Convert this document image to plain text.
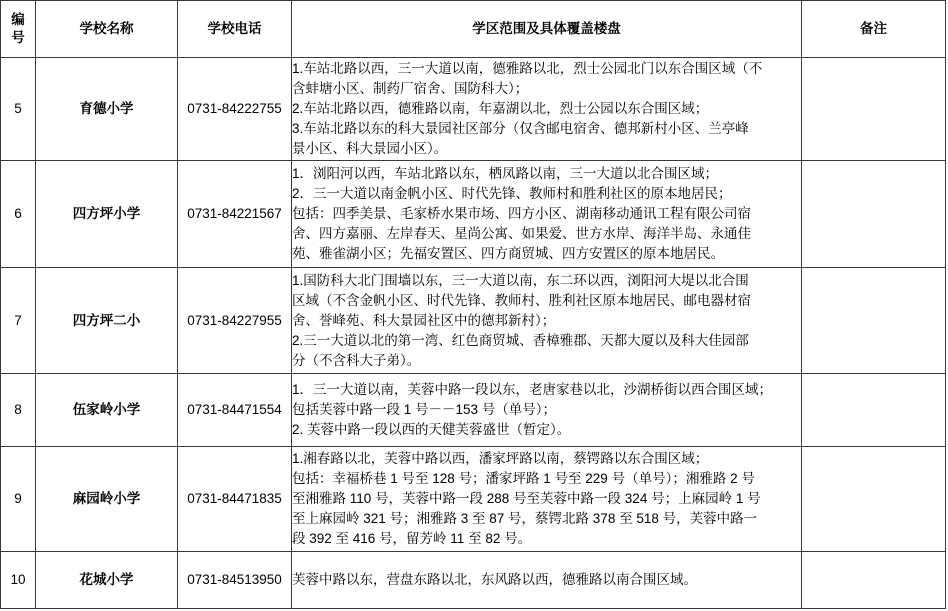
编号	学校名称	学校电话	学区范围及具体覆盖楼盘	备注
5	育德小学	0731-84222755	1.车站北路以西，三一大道以南，德雅路以北，烈士公园北门以东合围区域（不
含蚌塘小区、制药厂宿舍、国防科大）；
2.车站北路以西，德雅路以南，年嘉湖以北，烈士公园以东合围区域；
3.车站北路以东的科大景园社区部分（仅含邮电宿舍、德邦新村小区、兰亭峰
景小区、科大景园小区）。	

6	四方坪小学	0731-84221567	1．浏阳河以西，车站北路以东，栖凤路以南，三一大道以北合围区域；
2．三一大道以南金帆小区、时代先锋、教师村和胜利社区的原本地居民；
包括：四季美景、毛家桥水果市场、四方小区、湖南移动通讯工程有限公司宿
舍、四方嘉丽、左岸春天、星尚公寓、如果爱、世方水岸、海洋半岛、永通佳
苑、雅雀湖小区；先福安置区、四方商贸城、四方安置区的原本地居民。	

7	四方坪二小	0731-84227955	1.国防科大北门围墙以东，三一大道以南，东二环以西，浏阳河大堤以北合围
区域（不含金帆小区、时代先锋、教师村、胜利社区原本地居民、邮电器材宿
舍、誉峰苑、科大景园社区中的德邦新村）；
2.三一大道以北的第一湾、红色商贸城、香樟雅郡、天都大厦以及科大佳园部
分（不含科大子弟）。	

8	伍家岭小学	0731-84471554	1．三一大道以南，芙蓉中路一段以东，老唐家巷以北，沙湖桥街以西合围区域；
包括芙蓉中路一段 1 号－－153 号（单号）；
2. 芙蓉中路一段以西的天健芙蓉盛世（暂定）。	

9	麻园岭小学	0731-84471835	1.湘春路以北，芙蓉中路以西，潘家坪路以南，蔡锷路以东合围区域；
包括：幸福桥巷 1 号至 128 号；潘家坪路 1 号至 229 号（单号）；湘雅路 2 号
至湘雅路 110 号，芙蓉中路一段 288 号至芙蓉中路一段 324 号；上麻园岭 1 号
至上麻园岭 321 号；湘雅路 3 至 87 号，蔡锷北路 378 至 518 号，芙蓉中路一
段 392 至 416 号，留芳岭 11 至 82 号。	

10	花城小学	0731-84513950	芙蓉中路以东，营盘东路以北，东风路以西，德雅路以南合围区域。	
